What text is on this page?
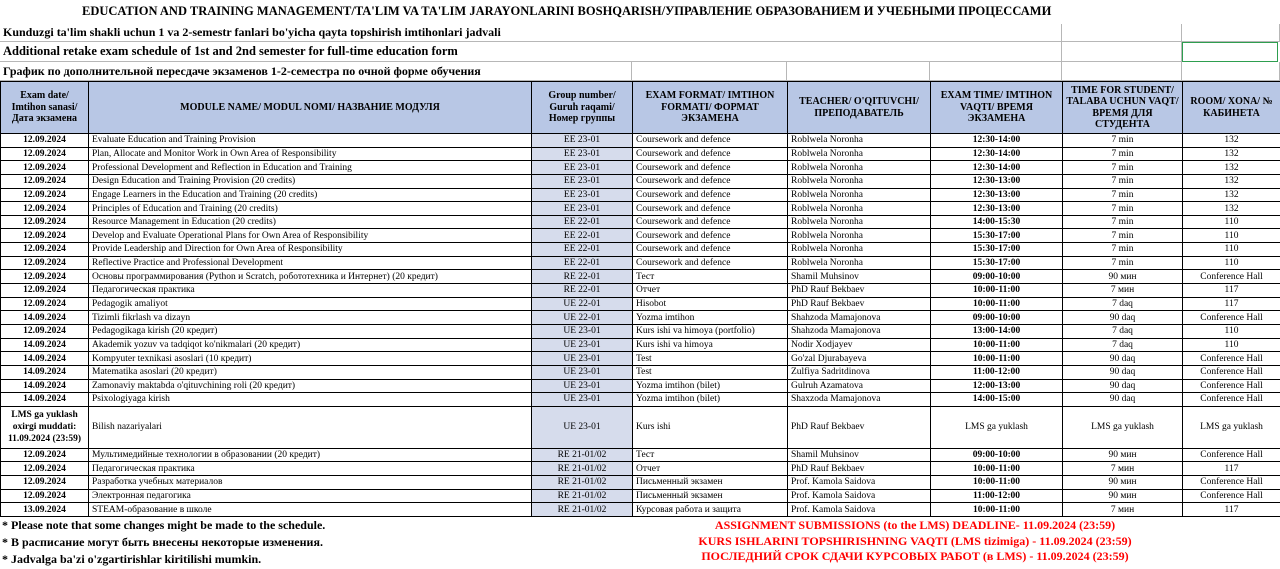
EDUCATION AND TRAINING MANAGEMENT/TA'LIM VA TA'LIM JARAYONLARINI BOSHQARISH/УПРАВЛЕНИЕ ОБРАЗОВАНИЕМ И УЧЕБНЫМИ ПРОЦЕССАМИ
Kunduzgi ta'lim shakli uchun 1 va 2-semestr fanlari bo'yicha qayta topshirish imtihonlari jadvali
Additional retake exam schedule of 1st and 2nd semester for full-time education form
График по дополнительной пересдаче экзаменов 1-2-семестра по очной форме обучения
Exam date/ Imtihon sanasi/ Дата экзамена	MODULE NAME/ MODUL NOMI/ НАЗВАНИЕ МОДУЛЯ	Group number/ Guruh raqami/ Номер группы	EXAM FORMAT/ IMTIHON FORMATI/ ФОРМАТ ЭКЗАМЕНА	TEACHER/ O'QITUVCHI/ ПРЕПОДАВАТЕЛЬ	EXAM TIME/ IMTIHON VAQTI/ ВРЕМЯ ЭКЗАМЕНА	TIME FOR STUDENT/ TALABA UCHUN VAQT/ ВРЕМЯ ДЛЯ СТУДЕНТА	ROOM/ XONA/ № КАБИНЕТА
12.09.2024	Evaluate Education and Training Provision	EE 23-01	Coursework and defence	Roblwela Noronha	12:30-14:00	7 min	132
12.09.2024	Plan, Allocate and Monitor Work in Own Area of Responsibility	EE 23-01	Coursework and defence	Roblwela Noronha	12:30-14:00	7 min	132
12.09.2024	Professional Development and Reflection in Education and Training	EE 23-01	Coursework and defence	Roblwela Noronha	12:30-14:00	7 min	132
12.09.2024	Design Education and Training Provision (20 credits)	EE 23-01	Coursework and defence	Roblwela Noronha	12:30-13:00	7 min	132
12.09.2024	Engage Learners in the Education and Training (20 credits)	EE 23-01	Coursework and defence	Roblwela Noronha	12:30-13:00	7 min	132
12.09.2024	Principles of Education and Training (20 credits)	EE 23-01	Coursework and defence	Roblwela Noronha	12:30-13:00	7 min	132
12.09.2024	Resource Management in Education (20 credits)	EE 22-01	Coursework and defence	Roblwela Noronha	14:00-15:30	7 min	110
12.09.2024	Develop and Evaluate Operational Plans for Own Area of Responsibility	EE 22-01	Coursework and defence	Roblwela Noronha	15:30-17:00	7 min	110
12.09.2024	Provide Leadership and Direction for Own Area of Responsibility	EE 22-01	Coursework and defence	Roblwela Noronha	15:30-17:00	7 min	110
12.09.2024	Reflective Practice and Professional Development	EE 22-01	Coursework and defence	Roblwela Noronha	15:30-17:00	7 min	110
12.09.2024	Основы программирования (Python и Scratch, робототехника и Интернет) (20 кредит)	RE 22-01	Тест	Shamil Muhsinov	09:00-10:00	90 мин	Conference Hall
12.09.2024	Педагогическая практика	RE 22-01	Отчет	PhD Rauf Bekbaev	10:00-11:00	7 мин	117
12.09.2024	Pedagogik amaliyot	UE 22-01	Hisobot	PhD Rauf Bekbaev	10:00-11:00	7 daq	117
14.09.2024	Tizimli fikrlash va dizayn	UE 22-01	Yozma imtihon	Shahzoda Mamajonova	09:00-10:00	90 daq	Conference Hall
12.09.2024	Pedagogikaga kirish (20 кредит)	UE 23-01	Kurs ishi va himoya (portfolio)	Shahzoda Mamajonova	13:00-14:00	7 daq	110
14.09.2024	Akademik yozuv va tadqiqot ko'nikmalari (20 кредит)	UE 23-01	Kurs ishi va himoya	Nodir Xodjayev	10:00-11:00	7 daq	110
14.09.2024	Kompyuter texnikasi asoslari (10 кредит)	UE 23-01	Test	Go'zal Djurabayeva	10:00-11:00	90 daq	Conference Hall
14.09.2024	Matematika asoslari (20 кредит)	UE 23-01	Test	Zulfiya Sadritdinova	11:00-12:00	90 daq	Conference Hall
14.09.2024	Zamonaviy maktabda o'qituvchining roli (20 кредит)	UE 23-01	Yozma imtihon (bilet)	Gulruh Azamatova	12:00-13:00	90 daq	Conference Hall
14.09.2024	Psixologiyaga kirish	UE 23-01	Yozma imtihon (bilet)	Shaxzoda Mamajonova	14:00-15:00	90 daq	Conference Hall
LMS ga yuklash oxirgi muddati: 11.09.2024 (23:59)	Bilish nazariyalari	UE 23-01	Kurs ishi	PhD Rauf Bekbaev	LMS ga yuklash	LMS ga yuklash	LMS ga yuklash
12.09.2024	Мультимедийные технологии в образовании (20 кредит)	RE 21-01/02	Тест	Shamil Muhsinov	09:00-10:00	90 мин	Conference Hall
12.09.2024	Педагогическая практика	RE 21-01/02	Отчет	PhD Rauf Bekbaev	10:00-11:00	7 мин	117
12.09.2024	Разработка учебных материалов	RE 21-01/02	Письменный экзамен	Prof. Kamola Saidova	10:00-11:00	90 мин	Conference Hall
12.09.2024	Электронная педагогика	RE 21-01/02	Письменный экзамен	Prof. Kamola Saidova	11:00-12:00	90 мин	Conference Hall
13.09.2024	STEAM-образование в школе	RE 21-01/02	Курсовая работа и защита	Prof. Kamola Saidova	10:00-11:00	7 мин	117
* Please note that some changes might be made to the schedule.
* В расписание могут быть внесены некоторые изменения.
* Jadvalga ba'zi o'zgartirishlar kiritilishi mumkin.
ASSIGNMENT SUBMISSIONS (to the LMS) DEADLINE- 11.09.2024 (23:59)
KURS ISHLARINI TOPSHIRISHNING VAQTI (LMS tizimiga) - 11.09.2024 (23:59)
ПОСЛЕДНИЙ СРОК СДАЧИ КУРСОВЫХ РАБОТ (в LMS) - 11.09.2024 (23:59)
